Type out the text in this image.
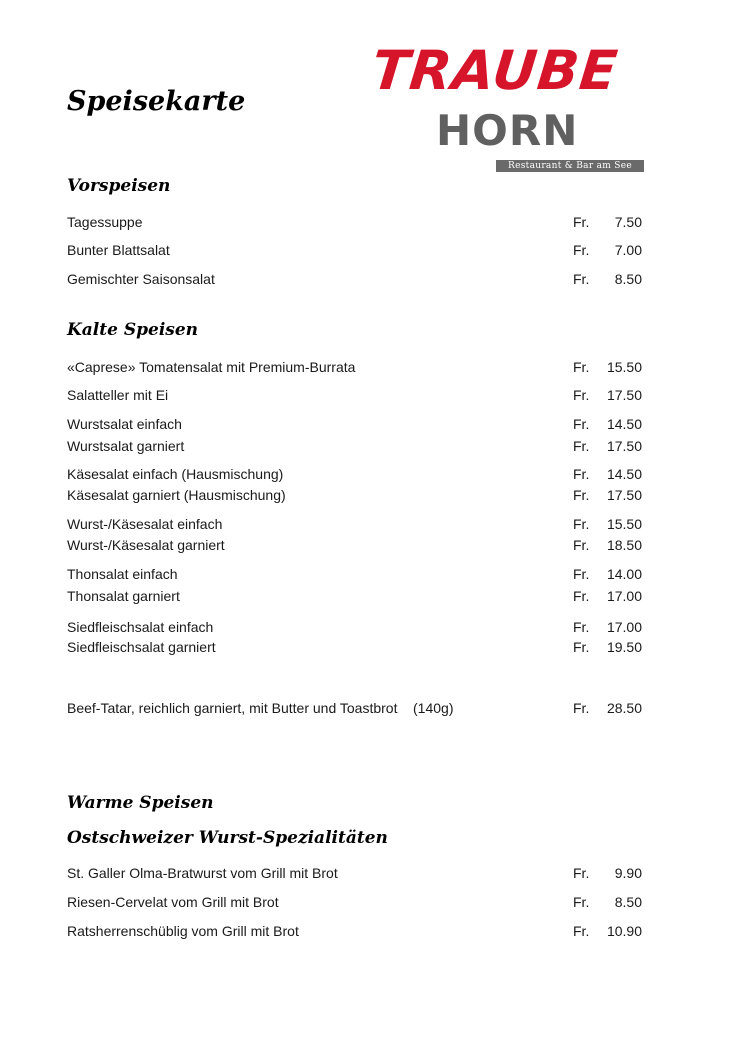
Speisekarte TRAUBE
HORN
Restaurant & Bar am See
Vorspeisen
Tagessuppe	Fr. 7.50
Bunter Blattsalat	Fr. 7.00
Gemischter Saisonsalat	Fr. 8.50
Kalte Speisen
«Caprese» Tomatensalat mit Premium-Burrata	Fr. 15.50
Salatteller mit Ei	Fr. 17.50
Wurstsalat einfach	Fr. 14.50
Wurstsalat garniert	Fr. 17.50
Käsesalat einfach (Hausmischung)	Fr. 14.50
Käsesalat garniert (Hausmischung)	Fr. 17.50
Wurst-/Käsesalat einfach	Fr. 15.50
Wurst-/Käsesalat garniert	Fr. 18.50
Thonsalat einfach	Fr. 14.00
Thonsalat garniert	Fr. 17.00
Siedfleischsalat einfach	Fr. 17.00
Siedfleischsalat garniert	Fr. 19.50
Beef-Tatar, reichlich garniert, mit Butter und Toastbrot    (140g)	Fr. 28.50
Warme Speisen
Ostschweizer Wurst-Spezialitäten
St. Galler Olma-Bratwurst vom Grill mit Brot	Fr. 9.90
Riesen-Cervelat vom Grill mit Brot	Fr. 8.50
Ratsherrenschüblig vom Grill mit Brot	Fr. 10.90
